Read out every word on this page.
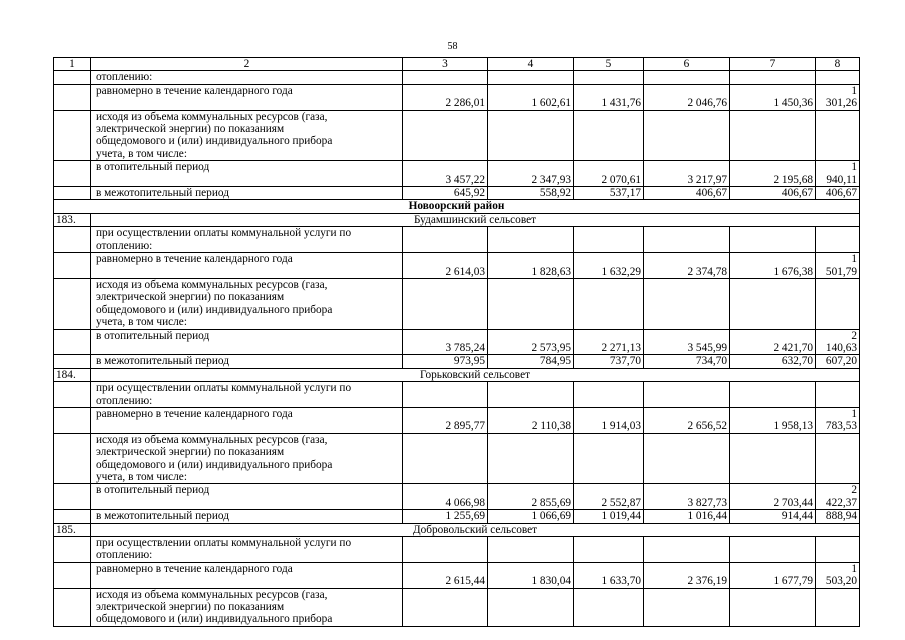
58
1	2	3	4	5	6	7	8

	отоплению:						

	равномерно в течение календарного года	2 286,01	1 602,61	1 431,76	2 046,76	1 450,36	1 301,26

	исходя из объема коммунальных ресурсов (газа,
электрической энергии) по показаниям
общедомового и (или) индивидуального прибора
учета, в том числе:						

	в отопительный период	3 457,22	2 347,93	2 070,61	3 217,97	2 195,68	1 940,11
	в межотопительный период	645,92	558,92	537,17	406,67	406,67	406,67
Новоорский район							
183.	Будамшинский сельсовет						

	при осуществлении оплаты коммунальной услуги по
отоплению:						

	равномерно в течение календарного года	2 614,03	1 828,63	1 632,29	2 374,78	1 676,38	1 501,79

	исходя из объема коммунальных ресурсов (газа,
электрической энергии) по показаниям
общедомового и (или) индивидуального прибора
учета, в том числе:						

	в отопительный период	3 785,24	2 573,95	2 271,13	3 545,99	2 421,70	2 140,63
	в межотопительный период	973,95	784,95	737,70	734,70	632,70	607,20
184.	Горьковский сельсовет						

	при осуществлении оплаты коммунальной услуги по
отоплению:						

	равномерно в течение календарного года	2 895,77	2 110,38	1 914,03	2 656,52	1 958,13	1 783,53

	исходя из объема коммунальных ресурсов (газа,
электрической энергии) по показаниям
общедомового и (или) индивидуального прибора
учета, в том числе:						

	в отопительный период	4 066,98	2 855,69	2 552,87	3 827,73	2 703,44	2 422,37
	в межотопительный период	1 255,69	1 066,69	1 019,44	1 016,44	914,44	888,94
185.	Добровольский сельсовет						

	при осуществлении оплаты коммунальной услуги по
отоплению:						

	равномерно в течение календарного года	2 615,44	1 830,04	1 633,70	2 376,19	1 677,79	1 503,20

	исходя из объема коммунальных ресурсов (газа,
электрической энергии) по показаниям
общедомового и (или) индивидуального прибора						
